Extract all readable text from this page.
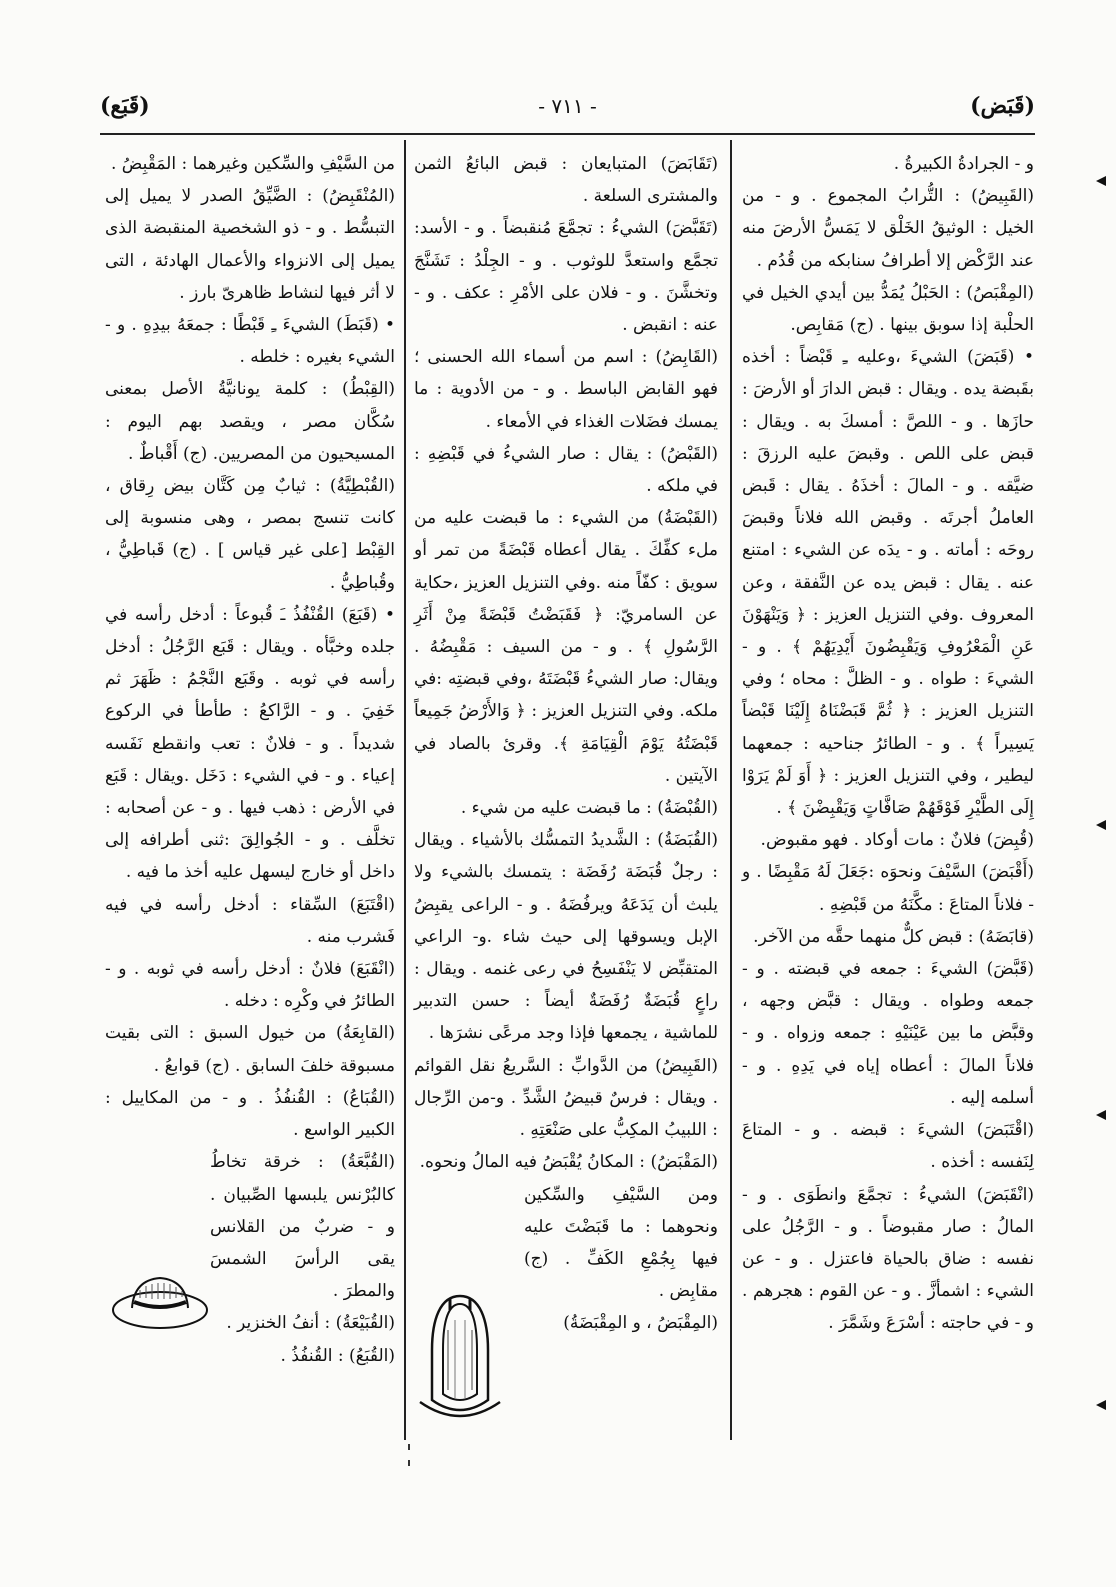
(قَبَض)
- ٧١١ -
(قَبَع)

و - الجرادةُ الكبيرةُ .

(القَبِيضُ) : التُّرابُ المجموع . و - من الخيل : الوثيقُ الخَلْق لا يَمَسُّ الأرضَ منه عند الرَّكْض إلا أطرافُ سنابكه من قُدُم .

(المِقْبَصُ) : الحَبْلُ يُمَدُّ بين أيدي الخيل في الحلْبة إذا سوبق بينها . (ج) مَقابِص.

• (قَبَضَ) الشيءَ ،وعليه ـِ قَبْضاً : أخذه بقَبضة يده . ويقال : قبض الدارَ أو الأرضَ : حازَها . و - اللصَّ : أمسكَ به . ويقال : قبض على اللص . وقبضَ عليه الرزقَ : ضيَّقه . و - المالَ : أخذَهُ . يقال : قَبض العاملُ أجرتَه . وقبض الله فلاناً وقبضَ روحَه : أماته . و - يدَه عن الشيء : امتنع عنه . يقال : قبض يده عن النَّفقة ، وعن المعروف .وفي التنزيل العزيز : ﴿ وَيَنْهَوْنَ عَنِ الْمَعْرُوفِ وَيَقْبِضُونَ أَيْدِيَهُمْ ﴾ . و - الشيءَ : طواه . و - الظلَّ : محاه ؛ وفي التنزيل العزيز : ﴿ ثُمَّ قَبَضْنَاهُ إِلَيْنَا قَبْضاً يَسِيراً ﴾ . و - الطائرُ جناحيه : جمعهما ليطير ، وفي التنزيل العزيز : ﴿ أَوَ لَمْ يَرَوْا إِلَى الطَّيْرِ فَوْقَهُمْ صَافَّاتٍ وَيَقْبِضْنَ ﴾ .

(قُبِضَ) فلانٌ : مات أوكاد . فهو مقبوض.

(أَقْبَضَ) السَّيْفَ ونحوَه :جَعَلَ لَهُ مَقْبِضًا . و - فلاناً المتاعَ : مكَّنَهُ من قَبْضِهِ .

(قابَضَهُ) : قبض كلٌّ منهما حقَّه من الآخر.

(قَبَّضَ) الشيءَ : جمعه في قبضته . و - جمعه وطواه . ويقال : قبَّض وجهه ، وقبَّض ما بين عَيْنَيْهِ : جمعه وزواه . و - فلاناً المالَ : أعطاه إياه في يَدِهِ . و - أسلمه إليه .

(اقْتَبَضَ) الشيءَ : قبضه . و - المتاعَ لِنَفسه : أخذه .

(انْقَبَضَ) الشيءُ : تجمَّعَ وانطَوَى . و - المالُ : صار مقبوضاً . و - الرَّجُلُ على نفسه : ضاق بالحياة فاعتزل . و - عن الشيء : اشمأزَّ . و - عن القوم : هجرهم . و - في حاجته : أسْرَعَ وشَمَّرَ .

(تَقَابَضَ) المتبايعان : قبض البائعُ الثمن والمشترى السلعة .

(تَقَبَّضَ) الشيءُ : تجمَّعَ مُنقبضاً . و - الأسد: تجمَّع واستعدَّ للوثوب . و - الجِلْدُ : تَشَنَّجَ وتخشَّنَ . و - فلان على الأمْرِ : عكف . و - عنه : انقبض .

(القَابِضُ) : اسم من أسماء الله الحسنى ؛ فهو القابض الباسط . و - من الأدوية : ما يمسك فضَلات الغذاء في الأمعاء .

(القَبْضُ) : يقال : صار الشيءُ في قَبْضِهِ : في ملكه .

(القَبْضَةُ) من الشيء : ما قبضت عليه من مل‌ء كفِّكَ . يقال أعطاه قَبْضَةً من تمر أو سويق : كفّاً منه .وفي التنزيل العزيز ،حكاية عن السامريّ: ﴿ فَقَبَضْتُ قَبْضَةً مِنْ أَثَرِ الرَّسُولِ ﴾ . و - من السيف : مَقْبِضُهُ . ويقال: صار الشيءُ قَبْضَتَهُ ،وفي قبضتِه :في ملكه. وفي التنزيل العزيز : ﴿ وَالأَرْضُ جَمِيعاً قَبْضَتُهُ يَوْمَ الْقِيَامَةِ ﴾. وقرئ بالصاد في الآيتين .

(القُبْضَةُ) : ما قبضت عليه من شيء .

(القُبَضَةُ) : الشَّديدُ التمسُّك بالأشياء . ويقال : رجلٌ قُبَضَة رُفَضَة : يتمسك بالشيء ولا يلبث أن يَدَعَهُ ويرفُضَهُ . و - الراعى يقبِضُ الإبل ويسوقها إلى حيث شاء .و- الراعي المتقبِّض لا يَنْفَسِحُ في رعى غنمه . ويقال : راعٍ قُبَضَةٌ رُفَضَةٌ أيضاً : حسن التدبير للماشية ، يجمعها فإذا وجد مرعًى نشرَها .

(القَبِيضُ) من الدَّوابِّ : السَّريعُ نقل القوائم . ويقال : فرسٌ قبيضُ الشَّدِّ . و-من الرِّجال : اللبيبُ المكِبُّ على صَنْعَتِهِ .

(المَقْبَضُ) : المكانُ يُقْبَضُ فيه المالُ ونحوه.

ومن السَّيْفِ والسِّكين ونحوهما : ما قَبَضْتَ عليه فيها بِجُمْعِ الكَفِّ . (ج) مقابِض .

(المِقْبَضُ ، و المِقْبَضَةُ)

من السَّيْفِ والسِّكين وغيرهما : المَقْبِضُ .

(المُنْقَبِضُ) : الضَّيِّقُ الصدر لا يميل إلى التبسُّط . و - ذو الشخصية المنقبضة الذى يميل إلى الانزواء والأعمال الهادئة ، التى لا أثر فيها لنشاط ظاهرىّ بارز .

• (قَبَطَ) الشيءَ ـِ قَبْطًا : جمعَهُ بيدِهِ . و - الشيء بغيره : خلطه .

(القِبْطُ) : كلمة يونانيَّةُ الأصل بمعنى سُكَّان مصر ، ويقصد بهم اليوم : المسيحيون من المصريين. (ج) أَقْباطٌ .

(القُبْطِيَّةُ) : ثيابٌ مِن كَتَّان بيض رِقاق ، كانت تنسج بمصر ، وهى منسوبة إلى القِبْط [على غير قياس ] . (ج) قَباطِيُّ ، وقُباطِيُّ .

• (قَبَعَ) القُنْفُذُ ـَ قُبوعاً : أدخل رأسه في جلده وخبَّأه . ويقال : قَبَع الرَّجُلُ : أدخل رأسه في ثوبه . وقَبَع النَّجْمُ : ظَهَرَ ثم خَفِيَ . و - الرَّاكعُ : طأطأ في الركوع شديداً . و - فلانٌ : تعب وانقطع نَفَسه إعياء . و - في الشيء : دَخَل .ويقال : قَبَع في الأرض : ذهب فيها . و - عن أصحابه : تخلَّف . و - الجُوالِقَ :ثنى أطرافه إلى داخل أو خارج ليسهل عليه أخذ ما فيه .

(اقْتَبَعَ) السِّقاء : أدخل رأسه في فيه فَشرب منه .

(انْقَبَعَ) فلانٌ : أدخل رأسه في ثوبه . و - الطائرُ في وكْرِه : دخله .

(القابِعَةُ) من خيول السبق : التى بقيت مسبوقة خلفَ السابق . (ج) قوابعُ .

(القُبَاعُ) : القُنفُذُ . و - من المكاييل : الكبير الواسع .

(القُبَّعَةُ) : خرقة تخاطُ كالبُرْنس يلبسها الصِّبيان . و - ضربٌ من القلانس يقى الرأسَ الشمسَ والمطرَ .

(القُبَيْعَةُ) : أنفُ الخنزير .

(القُبَعُ) : القُنفُذُ .
